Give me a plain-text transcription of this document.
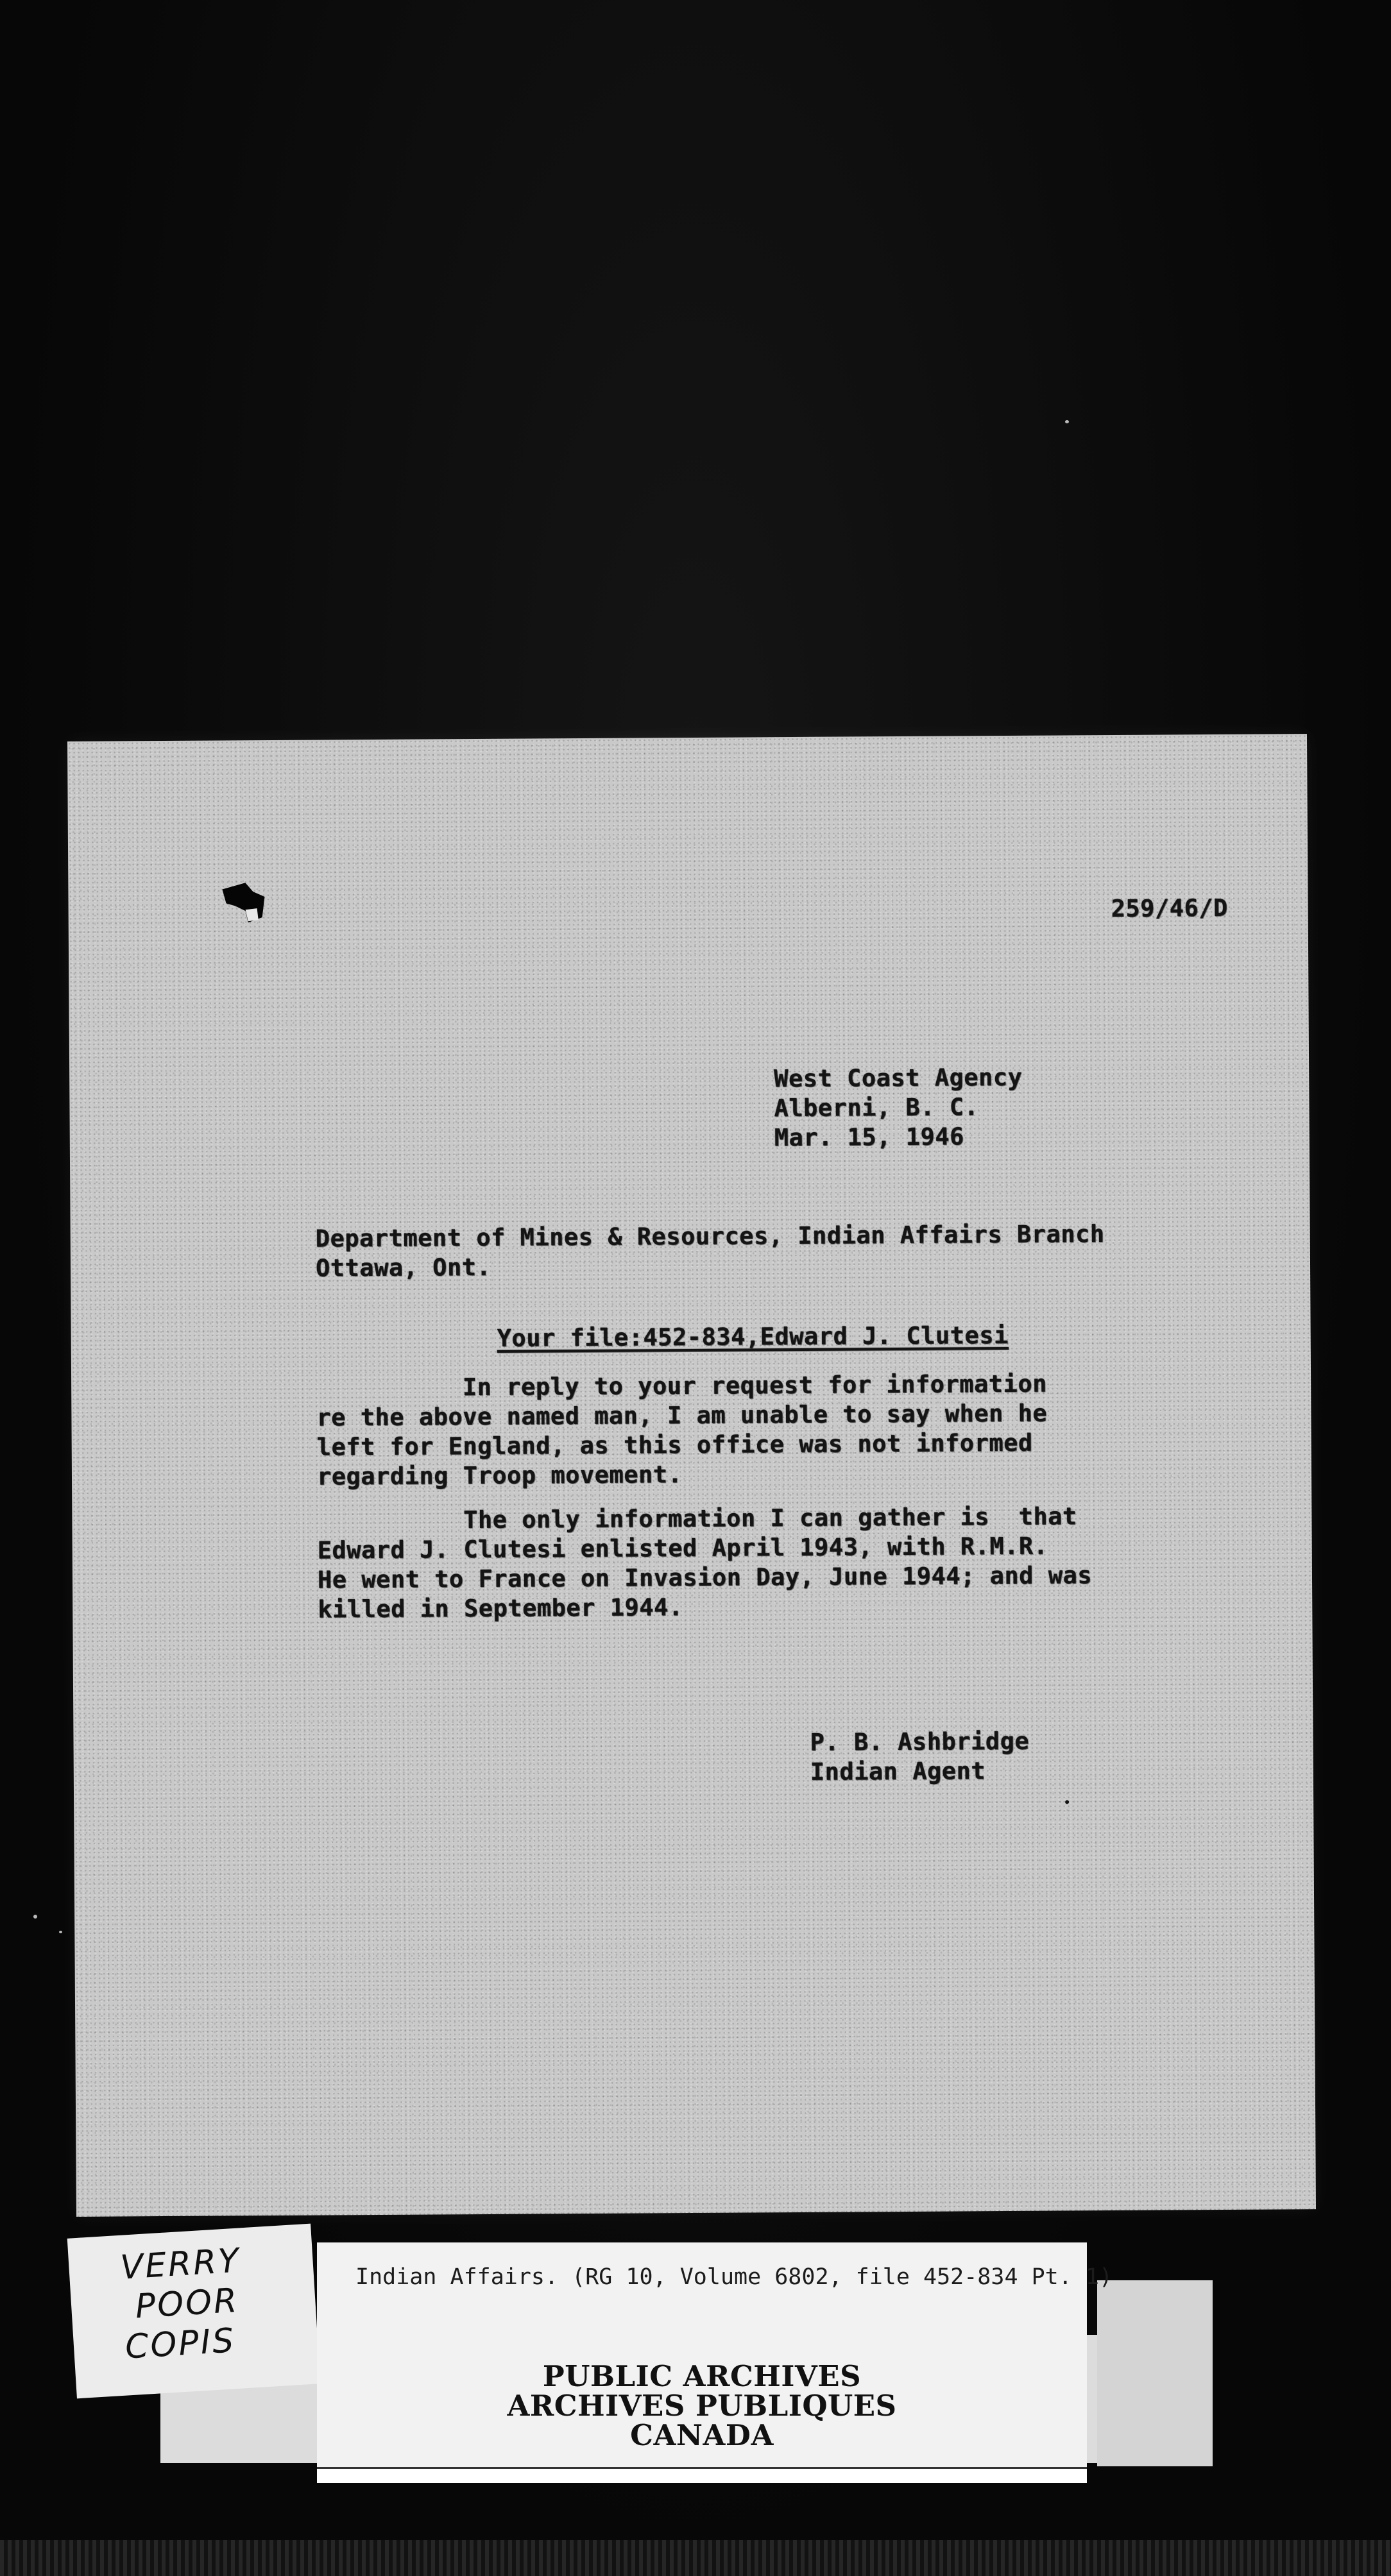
259/46/D
West Coast Agency
Alberni, B. C.
Mar. 15, 1946
Department of Mines & Resources, Indian Affairs Branch
Ottawa, Ont.
Your file:452-834,Edward J. Clutesi
In reply to your request for information
re the above named man, I am unable to say when he
left for England, as this office was not informed
regarding Troop movement.
The only information I can gather is  that
Edward J. Clutesi enlisted April 1943, with R.M.R.
He went to France on Invasion Day, June 1944; and was
killed in September 1944.
P. B. Ashbridge
Indian Agent
VERRY
POOR
COPIS
Indian Affairs. (RG 10, Volume 6802, file 452-834 Pt. 1)
PUBLIC ARCHIVES
ARCHIVES PUBLIQUES
CANADA
